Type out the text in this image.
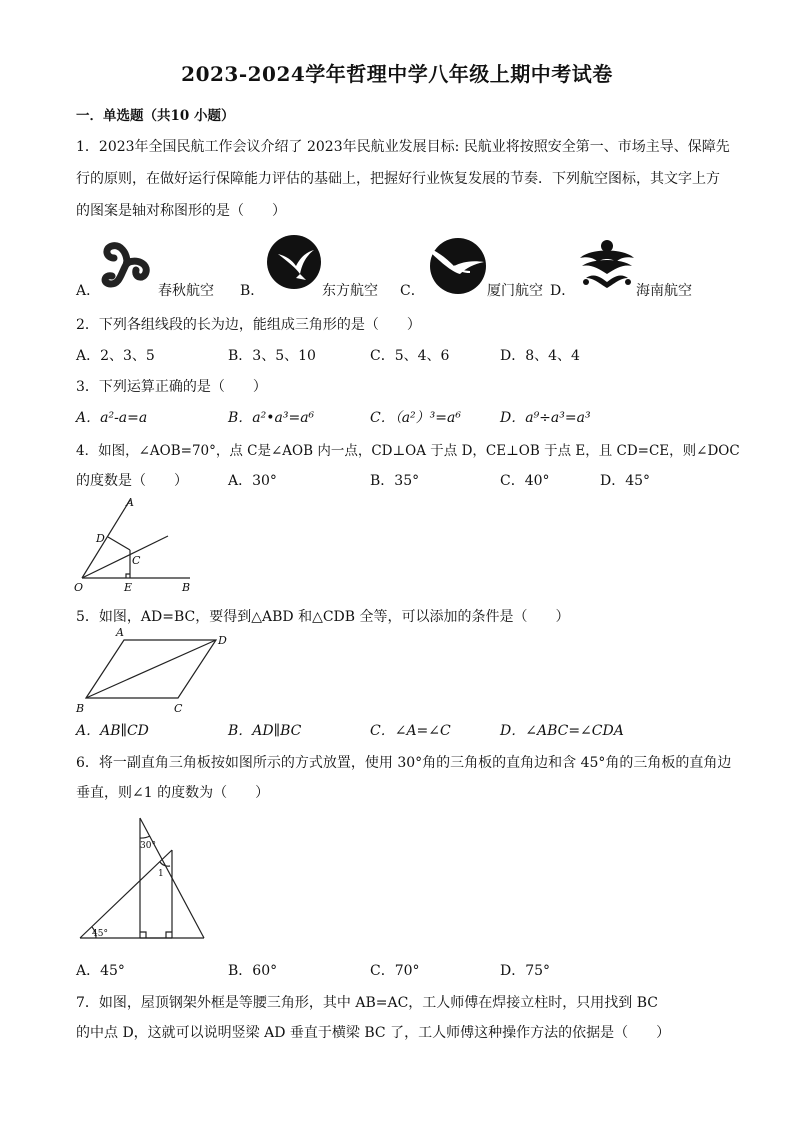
2023-2024学年哲理中学八年级上期中考试卷
一．单选题（共10 小题）
1．2023年全国民航工作会议介绍了 2023年民航业发展目标: 民航业将按照安全第一、市场主导、保障先
行的原则，在做好运行保障能力评估的基础上，把握好行业恢复发展的节奏．下列航空图标，其文字上方
的图案是轴对称图形的是（　　）
A．	春秋航空 B．	东方航空 C．	厦门航空 D．	海南航空
2．下列各组线段的长为边，能组成三角形的是（　　）
A．2、3、5	B．3、5、10	C．5、4、6	D．8、4、4
3．下列运算正确的是（　　）
A．a²-a=a	B．a²•a³=a⁶	C．（a²）³=a⁶	D．a⁹÷a³=a³
4．如图，∠AOB=70°，点 C是∠AOB 内一点，CD⊥OA 于点 D，CE⊥OB 于点 E，且 CD=CE，则∠DOC
的度数是（　　）	A．30°	B．35°	C．40°	D．45°
A
D
C
O	E	B
5．如图，AD=BC，要得到△ABD 和△CDB 全等，可以添加的条件是（　　）
A
D
B	C
A．AB∥CD	B．AD∥BC	C．∠A=∠C	D．∠ABC=∠CDA
6．将一副直角三角板按如图所示的方式放置，使用 30°角的三角板的直角边和含 45°角的三角板的直角边
垂直，则∠1 的度数为（　　）
30°
1
45°
A．45°	B．60°	C．70°	D．75°
7．如图，屋顶钢架外框是等腰三角形，其中 AB=AC，工人师傅在焊接立柱时，只用找到 BC
的中点 D，这就可以说明竖梁 AD 垂直于横梁 BC 了，工人师傅这种操作方法的依据是（　　）
